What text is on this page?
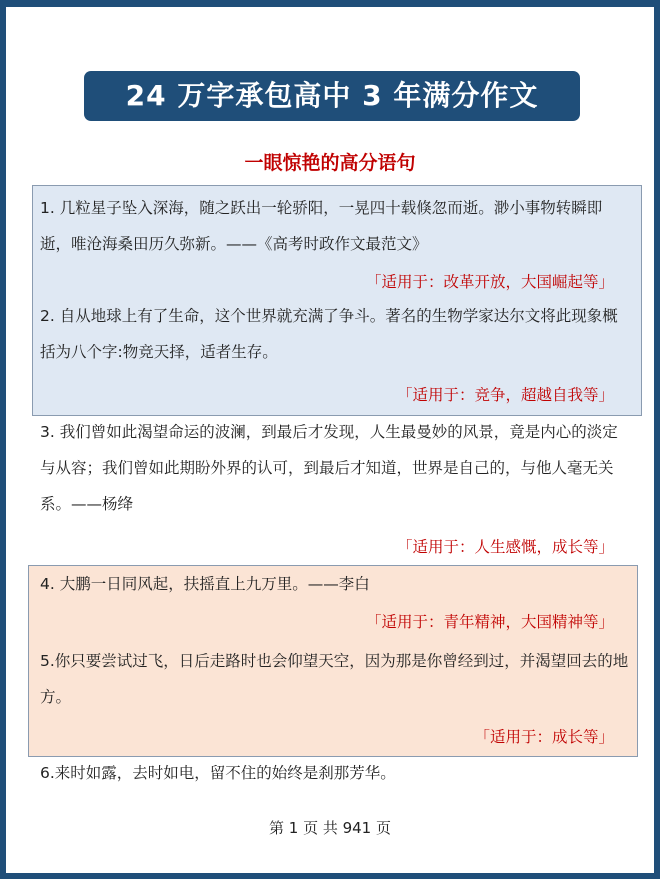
24 万字承包高中 3 年满分作文
一眼惊艳的高分语句
1. 几粒星子坠入深海，随之跃出一轮骄阳，一晃四十载倏忽而逝。渺小事物转瞬即逝，唯沧海桑田历久弥新。——《高考时政作文最范文》
「适用于：改革开放，大国崛起等」
2. 自从地球上有了生命，这个世界就充满了争斗。著名的生物学家达尔文将此现象概括为八个字:物竞天择，适者生存。
「适用于：竞争，超越自我等」
3. 我们曾如此渴望命运的波澜，到最后才发现，人生最曼妙的风景，竟是内心的淡定与从容；我们曾如此期盼外界的认可，到最后才知道，世界是自己的，与他人毫无关系。——杨绛
「适用于：人生感慨，成长等」
4. 大鹏一日同风起，扶摇直上九万里。——李白
「适用于：青年精神，大国精神等」
5.你只要尝试过飞，日后走路时也会仰望天空，因为那是你曾经到过，并渴望回去的地方。
「适用于：成长等」
6.来时如露，去时如电，留不住的始终是刹那芳华。
第 1 页 共 941 页
